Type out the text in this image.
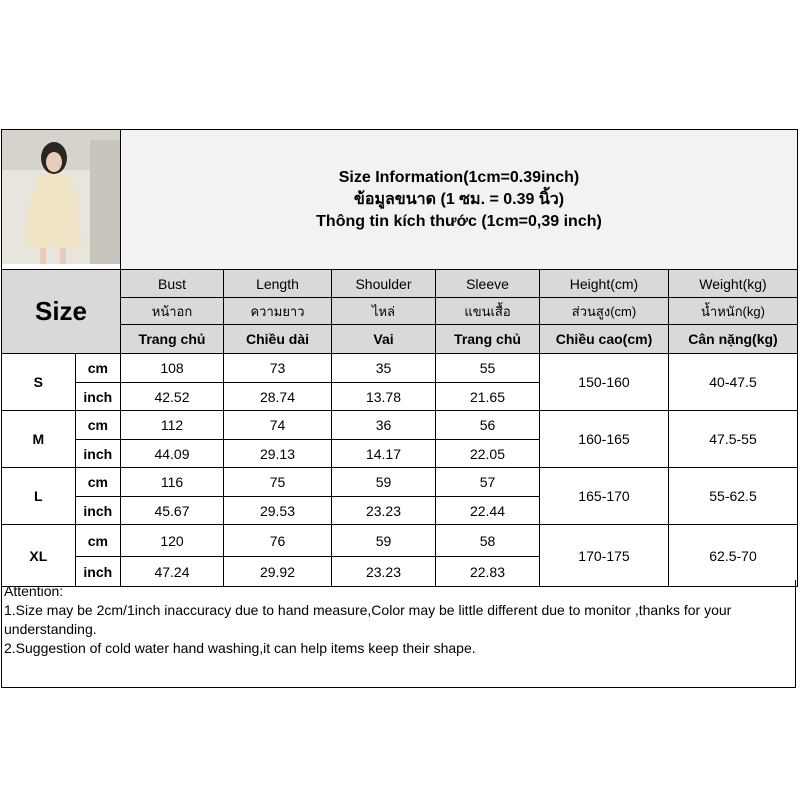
Size Information(1cm=0.39inch)
ข้อมูลขนาด (1 ซม. = 0.39 นิ้ว)
Thông tin kích thước (1cm=0,39 inch)					

Size		Bust	Length	Shoulder	Sleeve	Height(cm)	Weight(kg)
		หน้าอก	ความยาว	ไหล่	แขนเสื้อ	ส่วนสูง(cm)	น้ำหนัก(kg)
		Trang chủ	Chiều dài	Vai	Trang chủ	Chiều cao(cm)	Cân nặng(kg)
S	cm	108	73	35	55	150-160	40-47.5
	inch	42.52	28.74	13.78	21.65		
M	cm	112	74	36	56	160-165	47.5-55
	inch	44.09	29.13	14.17	22.05		
L	cm	116	75	59	57	165-170	55-62.5
	inch	45.67	29.53	23.23	22.44		
XL	cm	120	76	59	58	170-175	62.5-70
	inch	47.24	29.92	23.23	22.83		
Attention:
1.Size may be 2cm/1inch inaccuracy due to hand measure,Color may be little different due to monitor ,thanks for your understanding.
2.Suggestion of cold water hand washing,it can help items keep their shape.
